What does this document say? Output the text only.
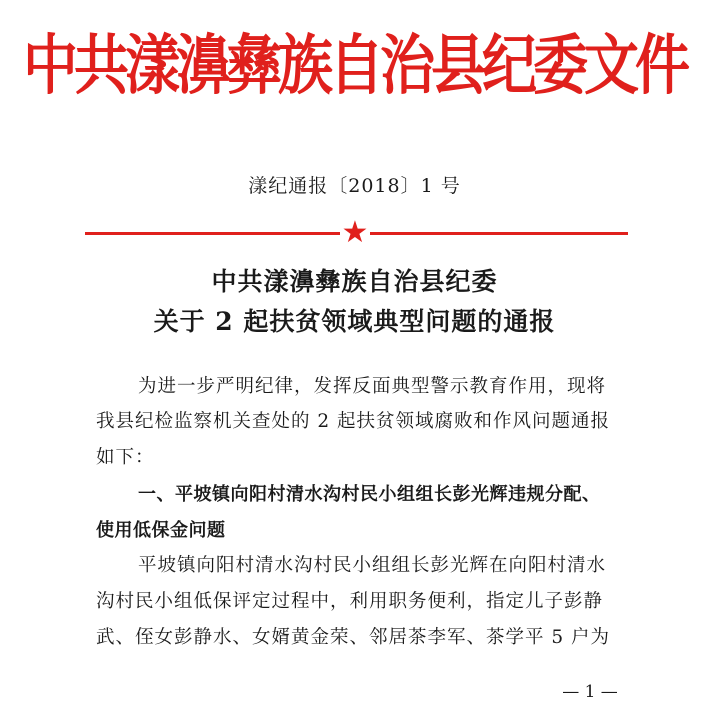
中共漾濞彝族自治县纪委文件
漾纪通报〔2018〕1 号
★
中共漾濞彝族自治县纪委
关于 2 起扶贫领域典型问题的通报
为进一步严明纪律，发挥反面典型警示教育作用，现将
我县纪检监察机关查处的 2 起扶贫领域腐败和作风问题通报
如下：
一、平坡镇向阳村清水沟村民小组组长彭光辉违规分配、
使用低保金问题
平坡镇向阳村清水沟村民小组组长彭光辉在向阳村清水
沟村民小组低保评定过程中，利用职务便利，指定儿子彭静
武、侄女彭静水、女婿黄金荣、邻居茶李军、茶学平 5 户为
— 1 —
